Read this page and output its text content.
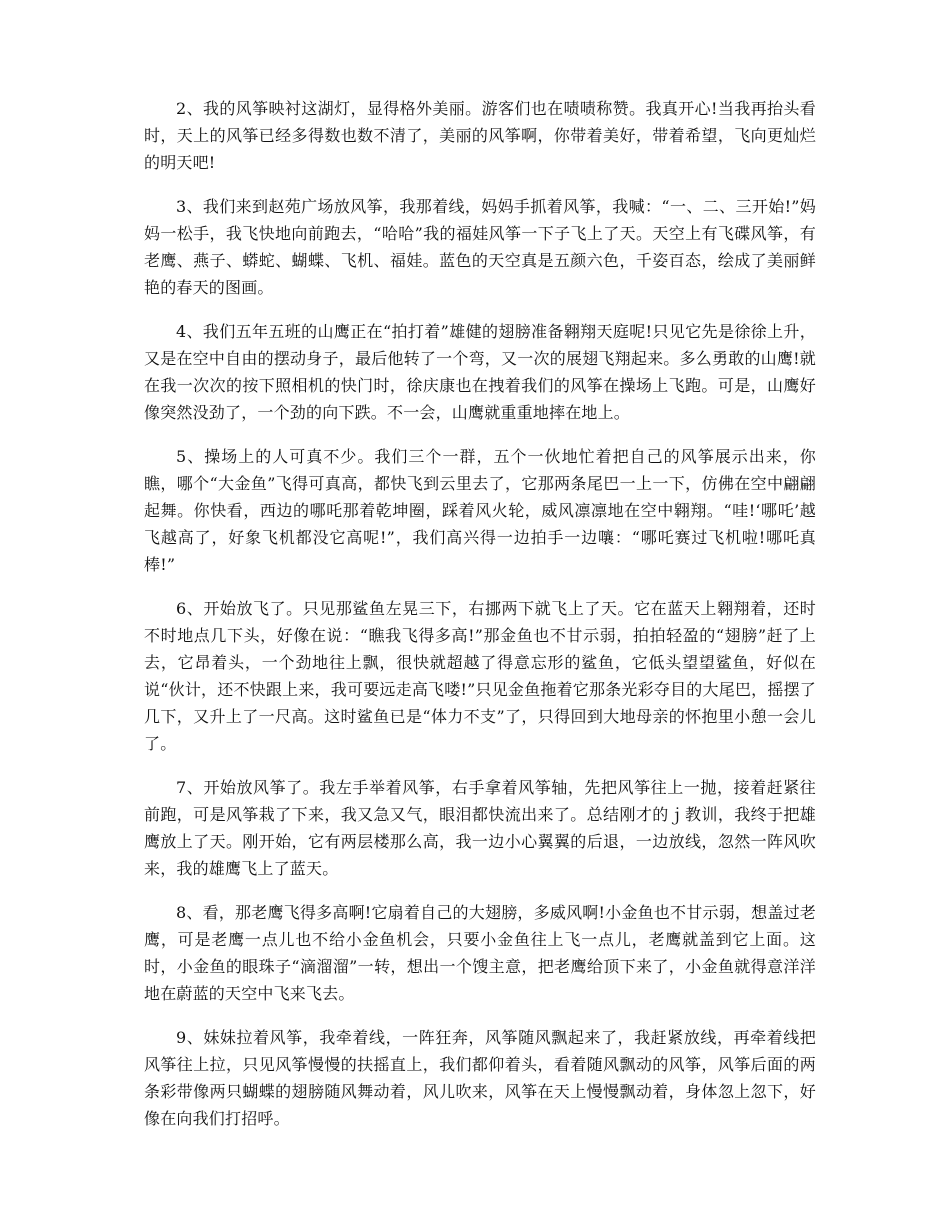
2、我的风筝映衬这湖灯，显得格外美丽。游客们也在啧啧称赞。我真开心!当我再抬头看时，天上的风筝已经多得数也数不清了，美丽的风筝啊，你带着美好，带着希望，飞向更灿烂的明天吧!

3、我们来到赵苑广场放风筝，我那着线，妈妈手抓着风筝，我喊：“一、二、三开始!”妈妈一松手，我飞快地向前跑去，“哈哈”我的福娃风筝一下子飞上了天。天空上有飞碟风筝，有老鹰、燕子、蟒蛇、蝴蝶、飞机、福娃。蓝色的天空真是五颜六色，千姿百态，绘成了美丽鲜艳的春天的图画。

4、我们五年五班的山鹰正在“拍打着”雄健的翅膀准备翱翔天庭呢!只见它先是徐徐上升，又是在空中自由的摆动身子，最后他转了一个弯，又一次的展翅飞翔起来。多么勇敢的山鹰!就在我一次次的按下照相机的快门时，徐庆康也在拽着我们的风筝在操场上飞跑。可是，山鹰好像突然没劲了，一个劲的向下跌。不一会，山鹰就重重地摔在地上。

5、操场上的人可真不少。我们三个一群，五个一伙地忙着把自己的风筝展示出来，你瞧，哪个“大金鱼”飞得可真高，都快飞到云里去了，它那两条尾巴一上一下，仿佛在空中翩翩起舞。你快看，西边的哪吒那着乾坤圈，踩着风火轮，威风凛凛地在空中翱翔。“哇!‘哪吒’越飞越高了，好象飞机都没它高呢!”，我们高兴得一边拍手一边嚷：“哪吒赛过飞机啦!哪吒真棒!”

6、开始放飞了。只见那鲨鱼左晃三下，右挪两下就飞上了天。它在蓝天上翱翔着，还时不时地点几下头，好像在说：“瞧我飞得多高!”那金鱼也不甘示弱，拍拍轻盈的“翅膀”赶了上去，它昂着头，一个劲地往上飘，很快就超越了得意忘形的鲨鱼，它低头望望鲨鱼，好似在说“伙计，还不快跟上来，我可要远走高飞喽!”只见金鱼拖着它那条光彩夺目的大尾巴，摇摆了几下，又升上了一尺高。这时鲨鱼已是“体力不支”了，只得回到大地母亲的怀抱里小憩一会儿了。

7、开始放风筝了。我左手举着风筝，右手拿着风筝轴，先把风筝往上一抛，接着赶紧往前跑，可是风筝栽了下来，我又急又气，眼泪都快流出来了。总结刚才的ｊ教训，我终于把雄鹰放上了天。刚开始，它有两层楼那么高，我一边小心翼翼的后退，一边放线，忽然一阵风吹来，我的雄鹰飞上了蓝天。

8、看，那老鹰飞得多高啊!它扇着自己的大翅膀，多威风啊!小金鱼也不甘示弱，想盖过老鹰，可是老鹰一点儿也不给小金鱼机会，只要小金鱼往上飞一点儿，老鹰就盖到它上面。这时，小金鱼的眼珠子“滴溜溜”一转，想出一个馊主意，把老鹰给顶下来了，小金鱼就得意洋洋地在蔚蓝的天空中飞来飞去。

9、妹妹拉着风筝，我牵着线，一阵狂奔，风筝随风飘起来了，我赶紧放线，再牵着线把风筝往上拉，只见风筝慢慢的扶摇直上，我们都仰着头，看着随风飘动的风筝，风筝后面的两条彩带像两只蝴蝶的翅膀随风舞动着，风儿吹来，风筝在天上慢慢飘动着，身体忽上忽下，好像在向我们打招呼。
